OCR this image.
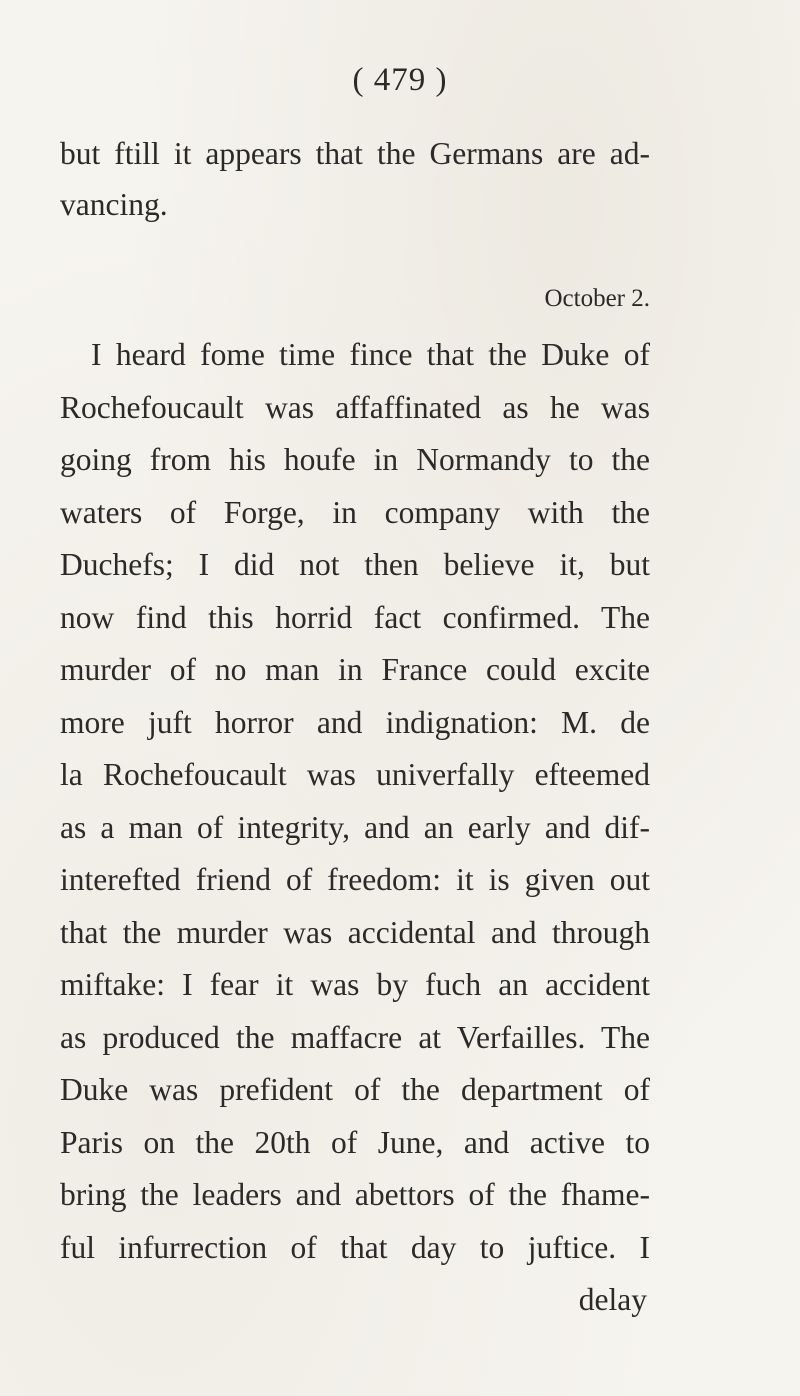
( 479 )
but ftill it appears that the Germans are ad-
vancing.
October 2.
I heard fome time fince that the Duke of
Rochefoucault was affaffinated as he was
going from his houfe in Normandy to the
waters of Forge, in company with the
Duchefs; I did not then believe it, but
now find this horrid fact confirmed. The
murder of no man in France could excite
more juft horror and indignation: M. de
la Rochefoucault was univerfally efteemed
as a man of integrity, and an early and dif-
interefted friend of freedom: it is given out
that the murder was accidental and through
miftake: I fear it was by fuch an accident
as produced the maffacre at Verfailles. The
Duke was prefident of the department of
Paris on the 20th of June, and active to
bring the leaders and abettors of the fhame-
ful infurrection of that day to juftice. I
delay
